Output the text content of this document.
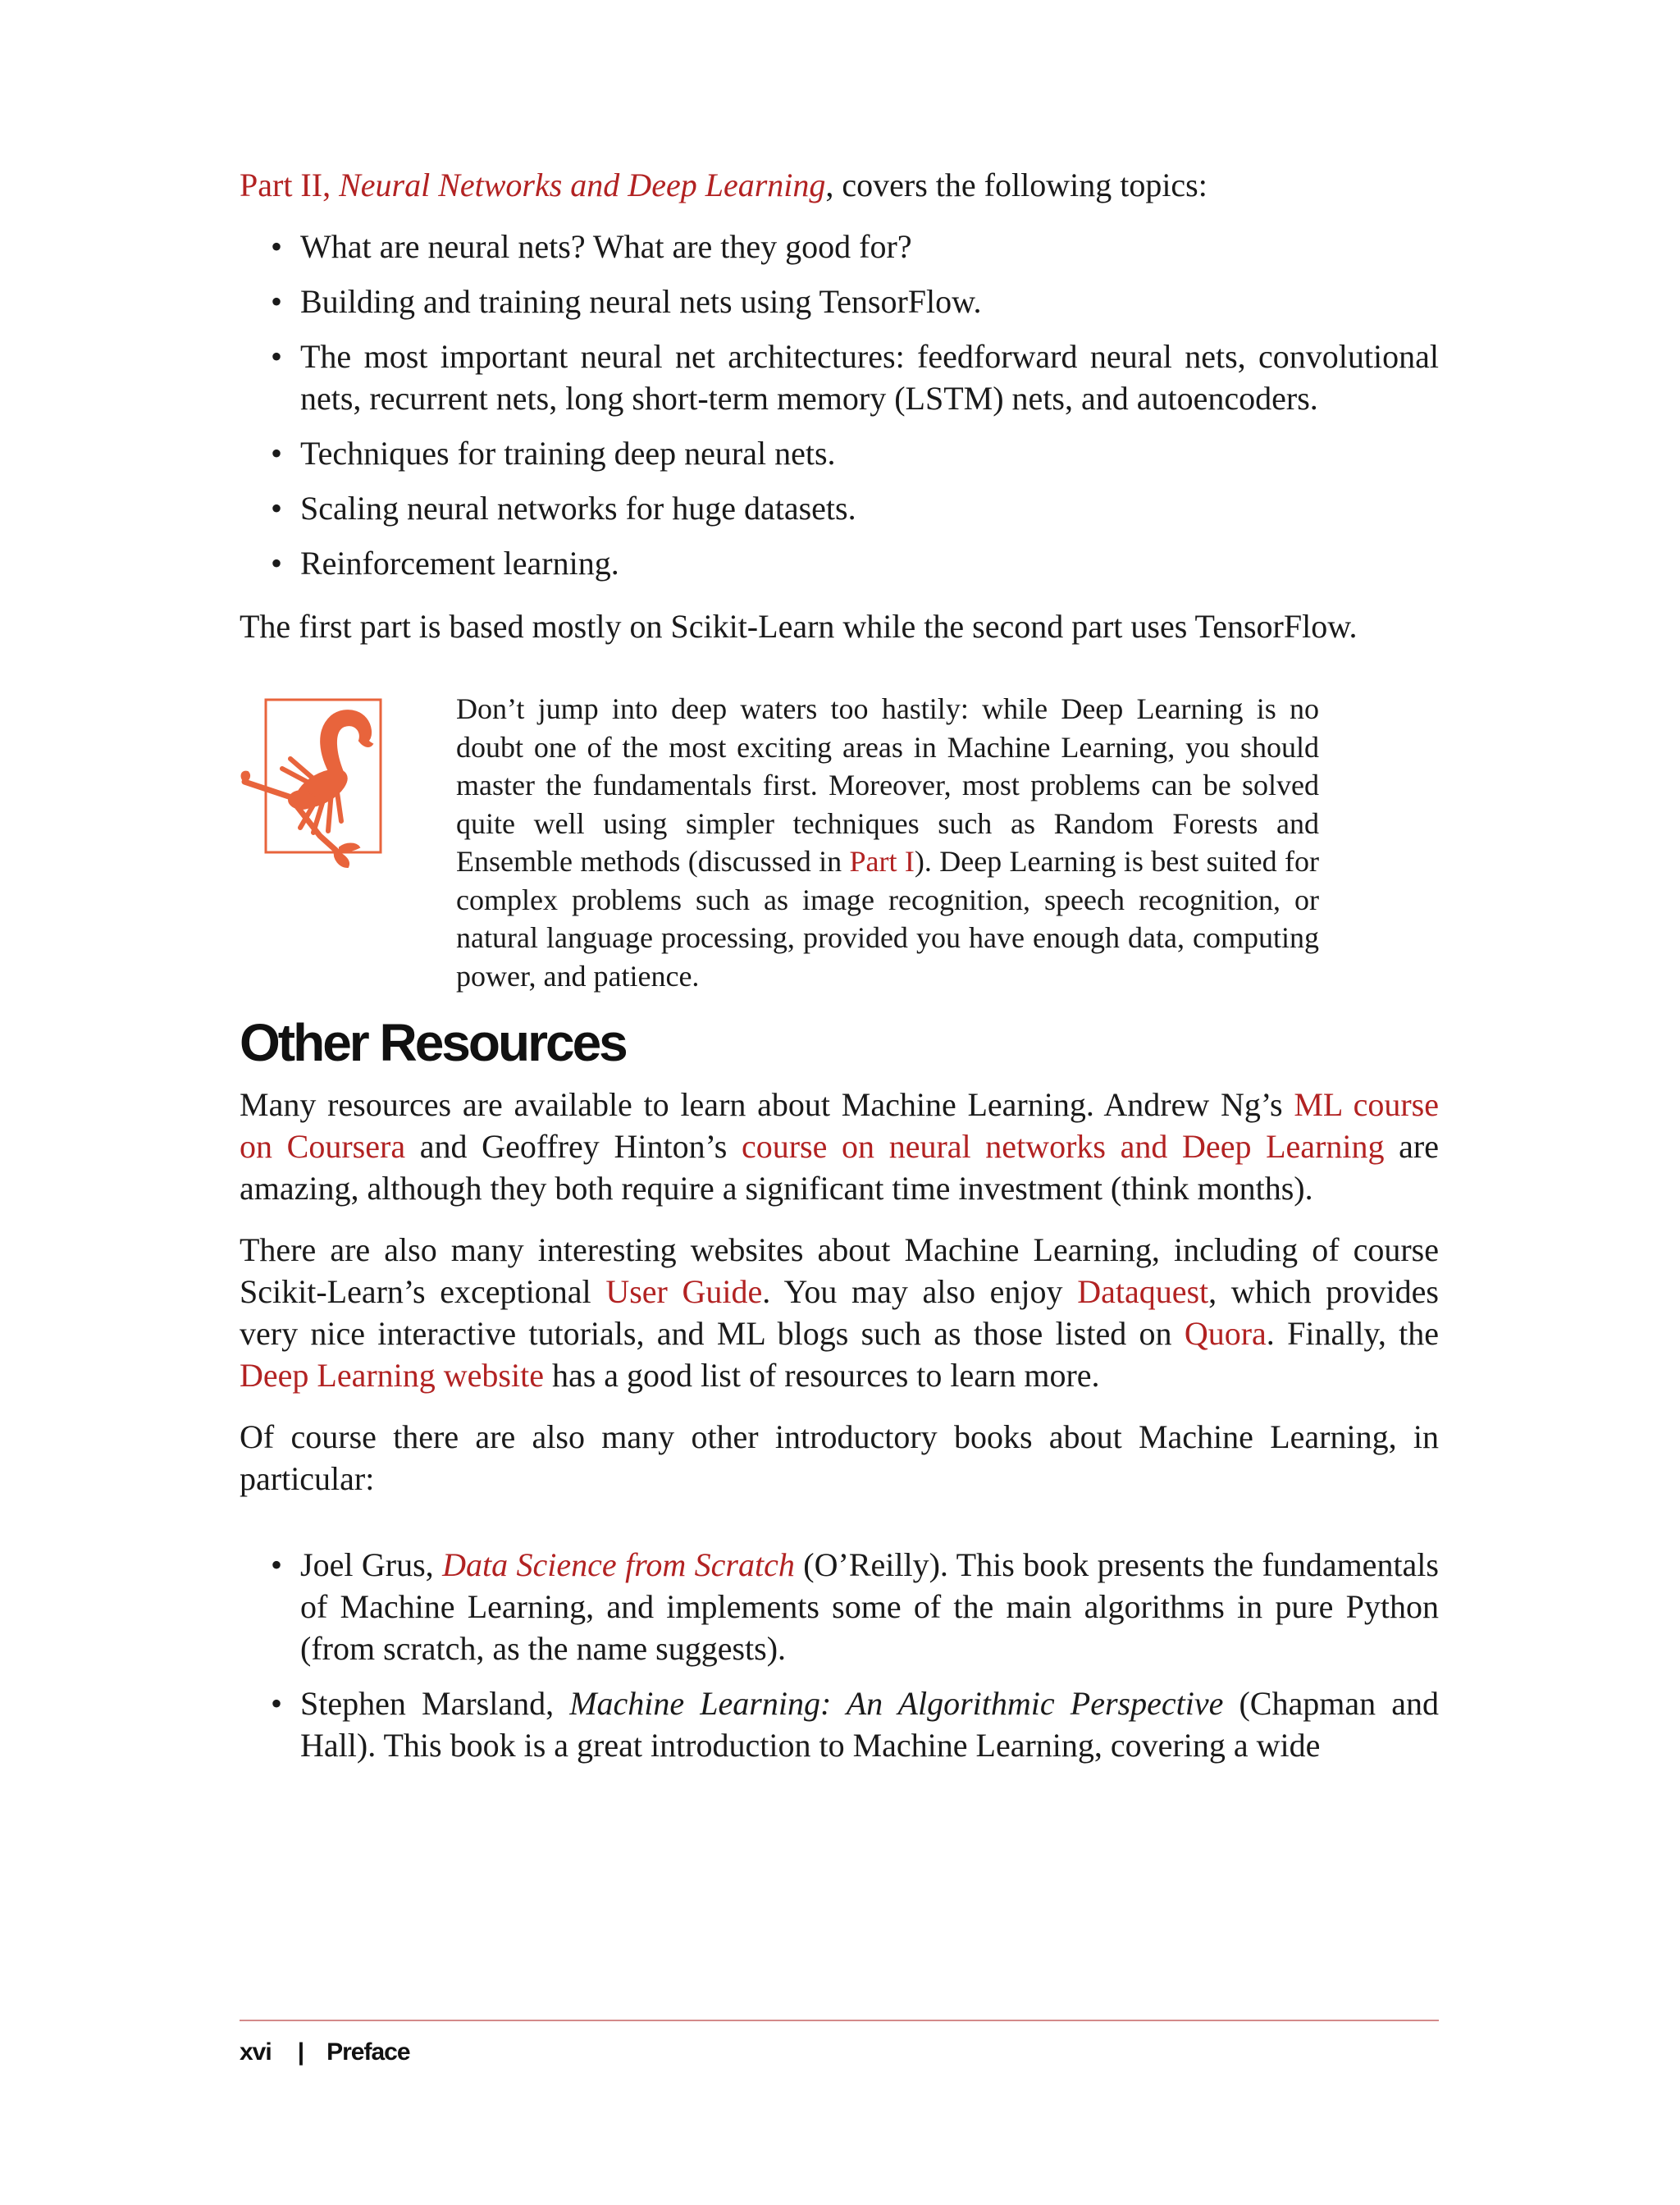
Part II, Neural Networks and Deep Learning, covers the following topics:

• What are neural nets? What are they good for?
• Building and training neural nets using TensorFlow.
• The most important neural net architectures: feedforward neural nets, convolutional nets, recurrent nets, long short-term memory (LSTM) nets, and autoencoders.
• Techniques for training deep neural nets.
• Scaling neural networks for huge datasets.
• Reinforcement learning.

The first part is based mostly on Scikit-Learn while the second part uses TensorFlow.

Don’t jump into deep waters too hastily: while Deep Learning is no doubt one of the most exciting areas in Machine Learning, you should master the fundamentals first. Moreover, most problems can be solved quite well using simpler techniques such as Random Forests and Ensemble methods (discussed in Part I). Deep Learning is best suited for complex problems such as image recognition, speech recognition, or natural language processing, provided you have enough data, computing power, and patience.

Other Resources

Many resources are available to learn about Machine Learning. Andrew Ng’s ML course on Coursera and Geoffrey Hinton’s course on neural networks and Deep Learning are amazing, although they both require a significant time investment (think months).

There are also many interesting websites about Machine Learning, including of course Scikit-Learn’s exceptional User Guide. You may also enjoy Dataquest, which provides very nice interactive tutorials, and ML blogs such as those listed on Quora. Finally, the Deep Learning website has a good list of resources to learn more.

Of course there are also many other introductory books about Machine Learning, in particular:

• Joel Grus, Data Science from Scratch (O’Reilly). This book presents the fundamentals of Machine Learning, and implements some of the main algorithms in pure Python (from scratch, as the name suggests).
• Stephen Marsland, Machine Learning: An Algorithmic Perspective (Chapman and Hall). This book is a great introduction to Machine Learning, covering a wide
xvi | Preface
